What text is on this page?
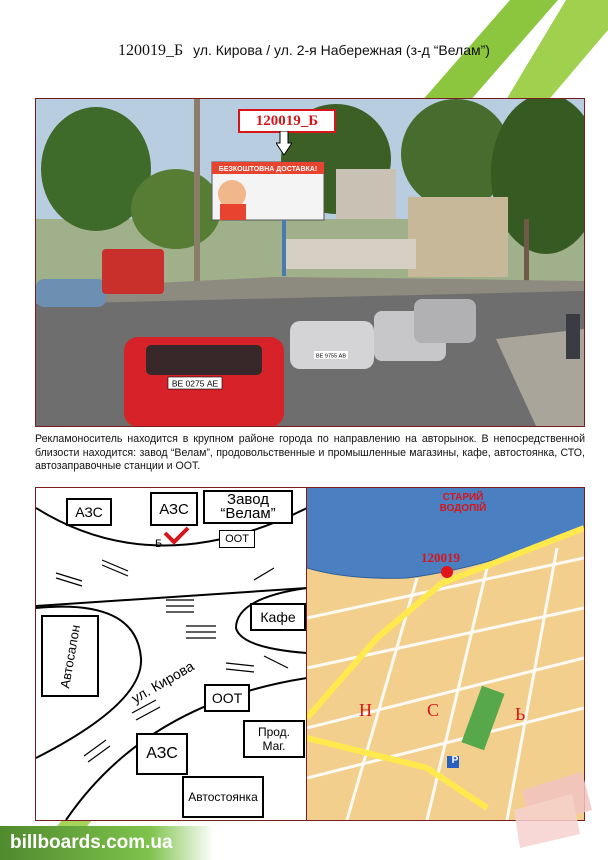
120019_Б ул. Кирова / ул. 2-я Набережная (з-д “Велам”)
БЕЗКОШТОВНА ДОСТАВКА!
ВЕ 0275 АЕ
ВЕ 9755 АВ
120019_Б
Рекламоноситель находится в крупном районе города по направлению на авторынок. В непосредственной близости находится: завод “Велам”, продовольственные и промышленные магазины, кафе, автостоянка, СТО, автозаправочные станции и ООТ.
АЗС	АЗС
Завод “Велам”
ООТ
Б
Кафе
Автосалон	ул. Кирова	ООТ
Прод. Маг.
АЗС
Автостоянка
СТАРИЙ ВОДОПІЙ
120019
Н	С	Ь
P
billboards.com.ua
